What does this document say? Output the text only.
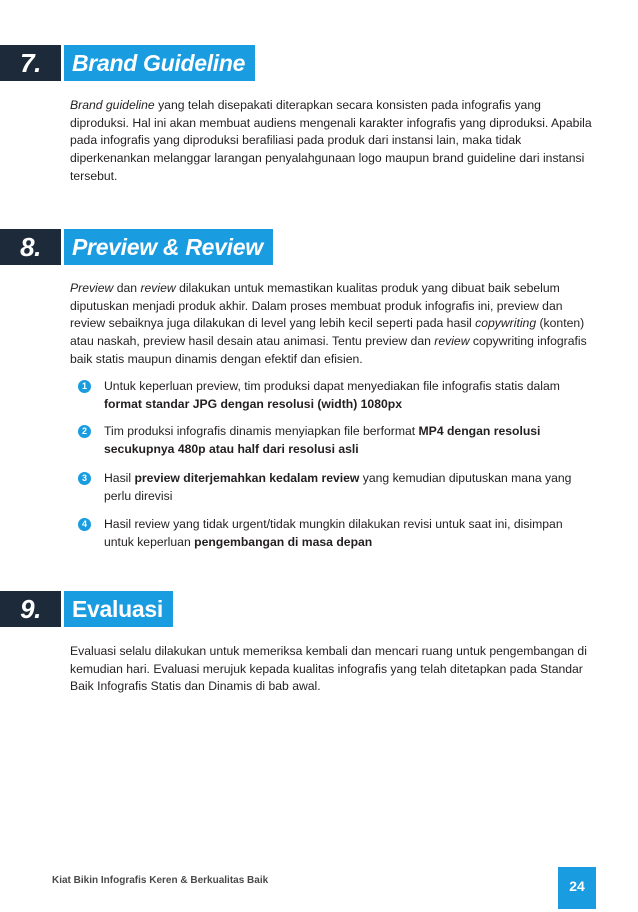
7.	Brand Guideline

Brand guideline yang telah disepakati diterapkan secara konsisten pada infografis yang diproduksi. Hal ini akan membuat audiens mengenali karakter infografis yang diproduksi. Apabila pada infografis yang diproduksi berafiliasi pada produk dari instansi lain, maka tidak diperkenankan melanggar larangan penyalahgunaan logo maupun brand guideline dari instansi tersebut.

8.	Preview & Review

Preview dan review dilakukan untuk memastikan kualitas produk yang dibuat baik sebelum diputuskan menjadi produk akhir. Dalam proses membuat produk infografis ini, preview dan review sebaiknya juga dilakukan di level yang lebih kecil seperti pada hasil copywriting (konten) atau naskah, preview hasil desain atau animasi. Tentu preview dan review copywriting infografis baik statis maupun dinamis dengan efektif dan efisien.

1	Untuk keperluan preview, tim produksi dapat menyediakan file infografis statis dalam format standar JPG dengan resolusi (width) 1080px
2	Tim produksi infografis dinamis menyiapkan file berformat MP4 dengan resolusi secukupnya 480p atau half dari resolusi asli
3	Hasil preview diterjemahkan kedalam review yang kemudian diputuskan mana yang perlu direvisi
4	Hasil review yang tidak urgent/tidak mungkin dilakukan revisi untuk saat ini, disimpan untuk keperluan pengembangan di masa depan
9.	Evaluasi

Evaluasi selalu dilakukan untuk memeriksa kembali dan mencari ruang untuk pengembangan di kemudian hari. Evaluasi merujuk kepada kualitas infografis yang telah ditetapkan pada Standar Baik Infografis Statis dan Dinamis di bab awal.

Kiat Bikin Infografis Keren & Berkualitas Baik	24
